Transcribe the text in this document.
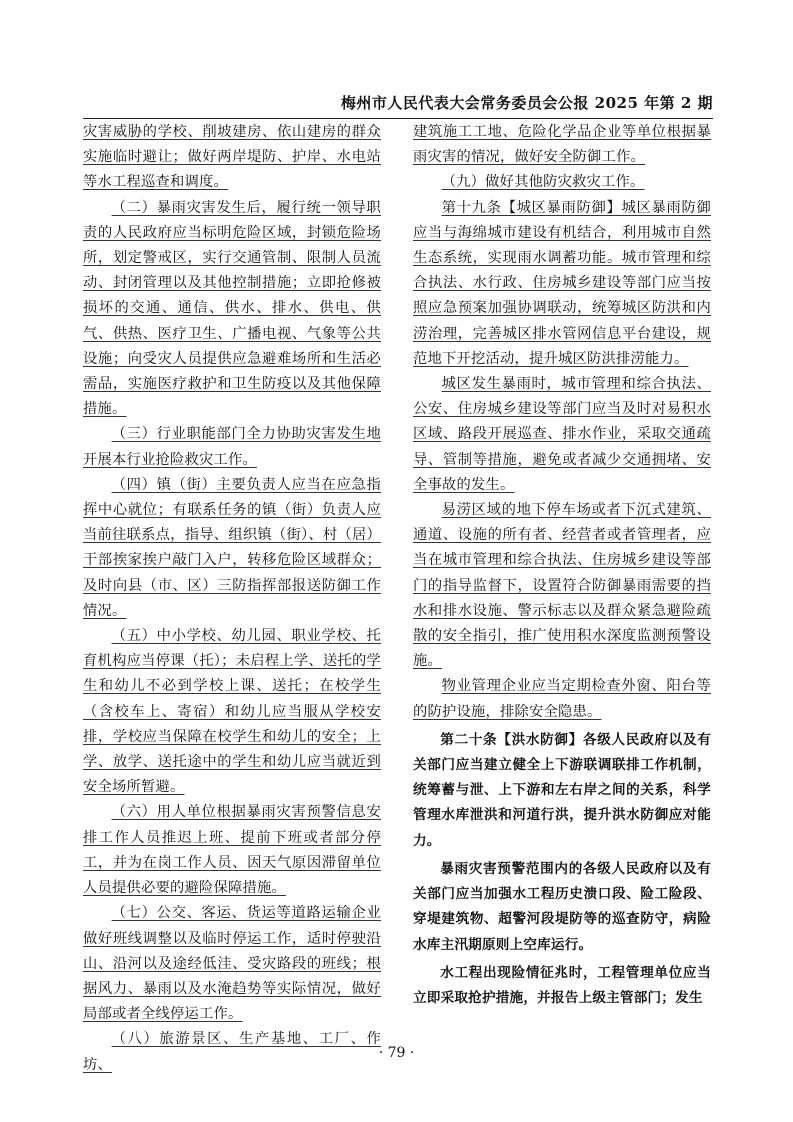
梅州市人民代表大会常务委员会公报 2025 年第 2 期

灾害威胁的学校、削坡建房、依山建房的群众实施临时避让；做好两岸堤防、护岸、水电站等水工程巡查和调度。

（二）暴雨灾害发生后，履行统一领导职责的人民政府应当标明危险区域，封锁危险场所，划定警戒区，实行交通管制、限制人员流动、封闭管理以及其他控制措施；立即抢修被损坏的交通、通信、供水、排水、供电、供气、供热、医疗卫生、广播电视、气象等公共设施；向受灾人员提供应急避难场所和生活必需品，实施医疗救护和卫生防疫以及其他保障措施。

（三）行业职能部门全力协助灾害发生地开展本行业抢险救灾工作。

（四）镇（街）主要负责人应当在应急指挥中心就位；有联系任务的镇（街）负责人应当前往联系点，指导、组织镇（街）、村（居）干部挨家挨户敲门入户，转移危险区域群众；及时向县（市、区）三防指挥部报送防御工作情况。

（五）中小学校、幼儿园、职业学校、托育机构应当停课（托）；未启程上学、送托的学生和幼儿不必到学校上课、送托；在校学生（含校车上、寄宿）和幼儿应当服从学校安排，学校应当保障在校学生和幼儿的安全；上学、放学、送托途中的学生和幼儿应当就近到安全场所暂避。

（六）用人单位根据暴雨灾害预警信息安排工作人员推迟上班、提前下班或者部分停工，并为在岗工作人员、因天气原因滞留单位人员提供必要的避险保障措施。

（七）公交、客运、货运等道路运输企业做好班线调整以及临时停运工作，适时停驶沿山、沿河以及途经低洼、受灾路段的班线；根据风力、暴雨以及水淹趋势等实际情况，做好局部或者全线停运工作。

（八）旅游景区、生产基地、工厂、作坊、

建筑施工工地、危险化学品企业等单位根据暴雨灾害的情况，做好安全防御工作。

（九）做好其他防灾救灾工作。

第十九条【城区暴雨防御】城区暴雨防御应当与海绵城市建设有机结合，利用城市自然生态系统，实现雨水调蓄功能。城市管理和综合执法、水行政、住房城乡建设等部门应当按照应急预案加强协调联动，统筹城区防洪和内涝治理，完善城区排水管网信息平台建设，规范地下开挖活动，提升城区防洪排涝能力。

城区发生暴雨时，城市管理和综合执法、公安、住房城乡建设等部门应当及时对易积水区域、路段开展巡查、排水作业，采取交通疏导、管制等措施，避免或者减少交通拥堵、安全事故的发生。

易涝区域的地下停车场或者下沉式建筑、通道、设施的所有者、经营者或者管理者，应当在城市管理和综合执法、住房城乡建设等部门的指导监督下，设置符合防御暴雨需要的挡水和排水设施、警示标志以及群众紧急避险疏散的安全指引，推广使用积水深度监测预警设施。

物业管理企业应当定期检查外窗、阳台等的防护设施，排除安全隐患。

第二十条【洪水防御】各级人民政府以及有关部门应当建立健全上下游联调联排工作机制，统筹蓄与泄、上下游和左右岸之间的关系，科学管理水库泄洪和河道行洪，提升洪水防御应对能力。

暴雨灾害预警范围内的各级人民政府以及有关部门应当加强水工程历史溃口段、险工险段、穿堤建筑物、超警河段堤防等的巡查防守，病险水库主汛期原则上空库运行。

水工程出现险情征兆时，工程管理单位应当立即采取抢护措施，并报告上级主管部门；发生

· 79 ·
